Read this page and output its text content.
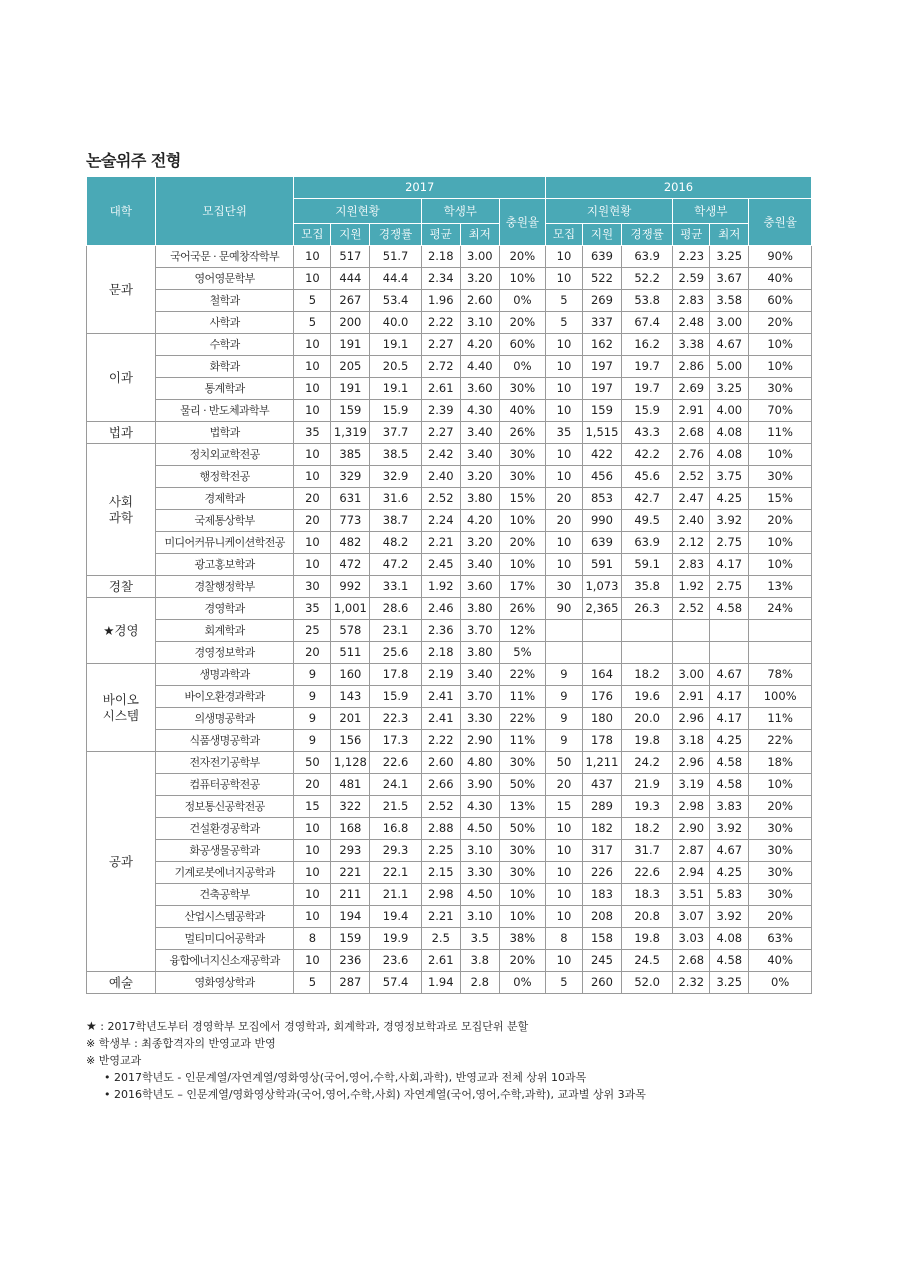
논술위주 전형
대학	모집단위	2017						2016					
		지원현황			학생부		충원율	지원현황			학생부		충원율
		모집	지원	경쟁률	평균	최저		모집	지원	경쟁률	평균	최저	

문과	국어국문 · 문예창작학부	10	517	51.7	2.18	3.00	20%	10	639	63.9	2.23	3.25	90%
	영어영문학부	10	444	44.4	2.34	3.20	10%	10	522	52.2	2.59	3.67	40%
	철학과	5	267	53.4	1.96	2.60	0%	5	269	53.8	2.83	3.58	60%
	사학과	5	200	40.0	2.22	3.10	20%	5	337	67.4	2.48	3.00	20%

이과	수학과	10	191	19.1	2.27	4.20	60%	10	162	16.2	3.38	4.67	10%
	화학과	10	205	20.5	2.72	4.40	0%	10	197	19.7	2.86	5.00	10%
	통계학과	10	191	19.1	2.61	3.60	30%	10	197	19.7	2.69	3.25	30%
	물리 · 반도체과학부	10	159	15.9	2.39	4.30	40%	10	159	15.9	2.91	4.00	70%

법과	법학과	35	1,319	37.7	2.27	3.40	26%	35	1,515	43.3	2.68	4.08	11%

사회
과학	정치외교학전공	10	385	38.5	2.42	3.40	30%	10	422	42.2	2.76	4.08	10%
	행정학전공	10	329	32.9	2.40	3.20	30%	10	456	45.6	2.52	3.75	30%
	경제학과	20	631	31.6	2.52	3.80	15%	20	853	42.7	2.47	4.25	15%
	국제통상학부	20	773	38.7	2.24	4.20	10%	20	990	49.5	2.40	3.92	20%
	미디어커뮤니케이션학전공	10	482	48.2	2.21	3.20	20%	10	639	63.9	2.12	2.75	10%
	광고홍보학과	10	472	47.2	2.45	3.40	10%	10	591	59.1	2.83	4.17	10%

경찰	경찰행정학부	30	992	33.1	1.92	3.60	17%	30	1,073	35.8	1.92	2.75	13%

★경영	경영학과	35	1,001	28.6	2.46	3.80	26%	90	2,365	26.3	2.52	4.58	24%
	회계학과	25	578	23.1	2.36	3.70	12%						
	경영정보학과	20	511	25.6	2.18	3.80	5%						

바이오
시스템	생명과학과	9	160	17.8	2.19	3.40	22%	9	164	18.2	3.00	4.67	78%
	바이오환경과학과	9	143	15.9	2.41	3.70	11%	9	176	19.6	2.91	4.17	100%
	의생명공학과	9	201	22.3	2.41	3.30	22%	9	180	20.0	2.96	4.17	11%
	식품생명공학과	9	156	17.3	2.22	2.90	11%	9	178	19.8	3.18	4.25	22%

공과	전자전기공학부	50	1,128	22.6	2.60	4.80	30%	50	1,211	24.2	2.96	4.58	18%
	컴퓨터공학전공	20	481	24.1	2.66	3.90	50%	20	437	21.9	3.19	4.58	10%
	정보통신공학전공	15	322	21.5	2.52	4.30	13%	15	289	19.3	2.98	3.83	20%
	건설환경공학과	10	168	16.8	2.88	4.50	50%	10	182	18.2	2.90	3.92	30%
	화공생물공학과	10	293	29.3	2.25	3.10	30%	10	317	31.7	2.87	4.67	30%
	기계로봇에너지공학과	10	221	22.1	2.15	3.30	30%	10	226	22.6	2.94	4.25	30%
	건축공학부	10	211	21.1	2.98	4.50	10%	10	183	18.3	3.51	5.83	30%
	산업시스템공학과	10	194	19.4	2.21	3.10	10%	10	208	20.8	3.07	3.92	20%
	멀티미디어공학과	8	159	19.9	2.5	3.5	38%	8	158	19.8	3.03	4.08	63%
	융합에너지신소재공학과	10	236	23.6	2.61	3.8	20%	10	245	24.5	2.68	4.58	40%

예술	영화영상학과	5	287	57.4	1.94	2.8	0%	5	260	52.0	2.32	3.25	0%
★ : 2017학년도부터 경영학부 모집에서 경영학과, 회계학과, 경영정보학과로 모집단위 분할
※ 학생부 : 최종합격자의 반영교과 반영
※ 반영교과
• 2017학년도 - 인문계열/자연계열/영화영상(국어,영어,수학,사회,과학), 반영교과 전체 상위 10과목
• 2016학년도 – 인문계열/영화영상학과(국어,영어,수학,사회) 자연계열(국어,영어,수학,과학), 교과별 상위 3과목
